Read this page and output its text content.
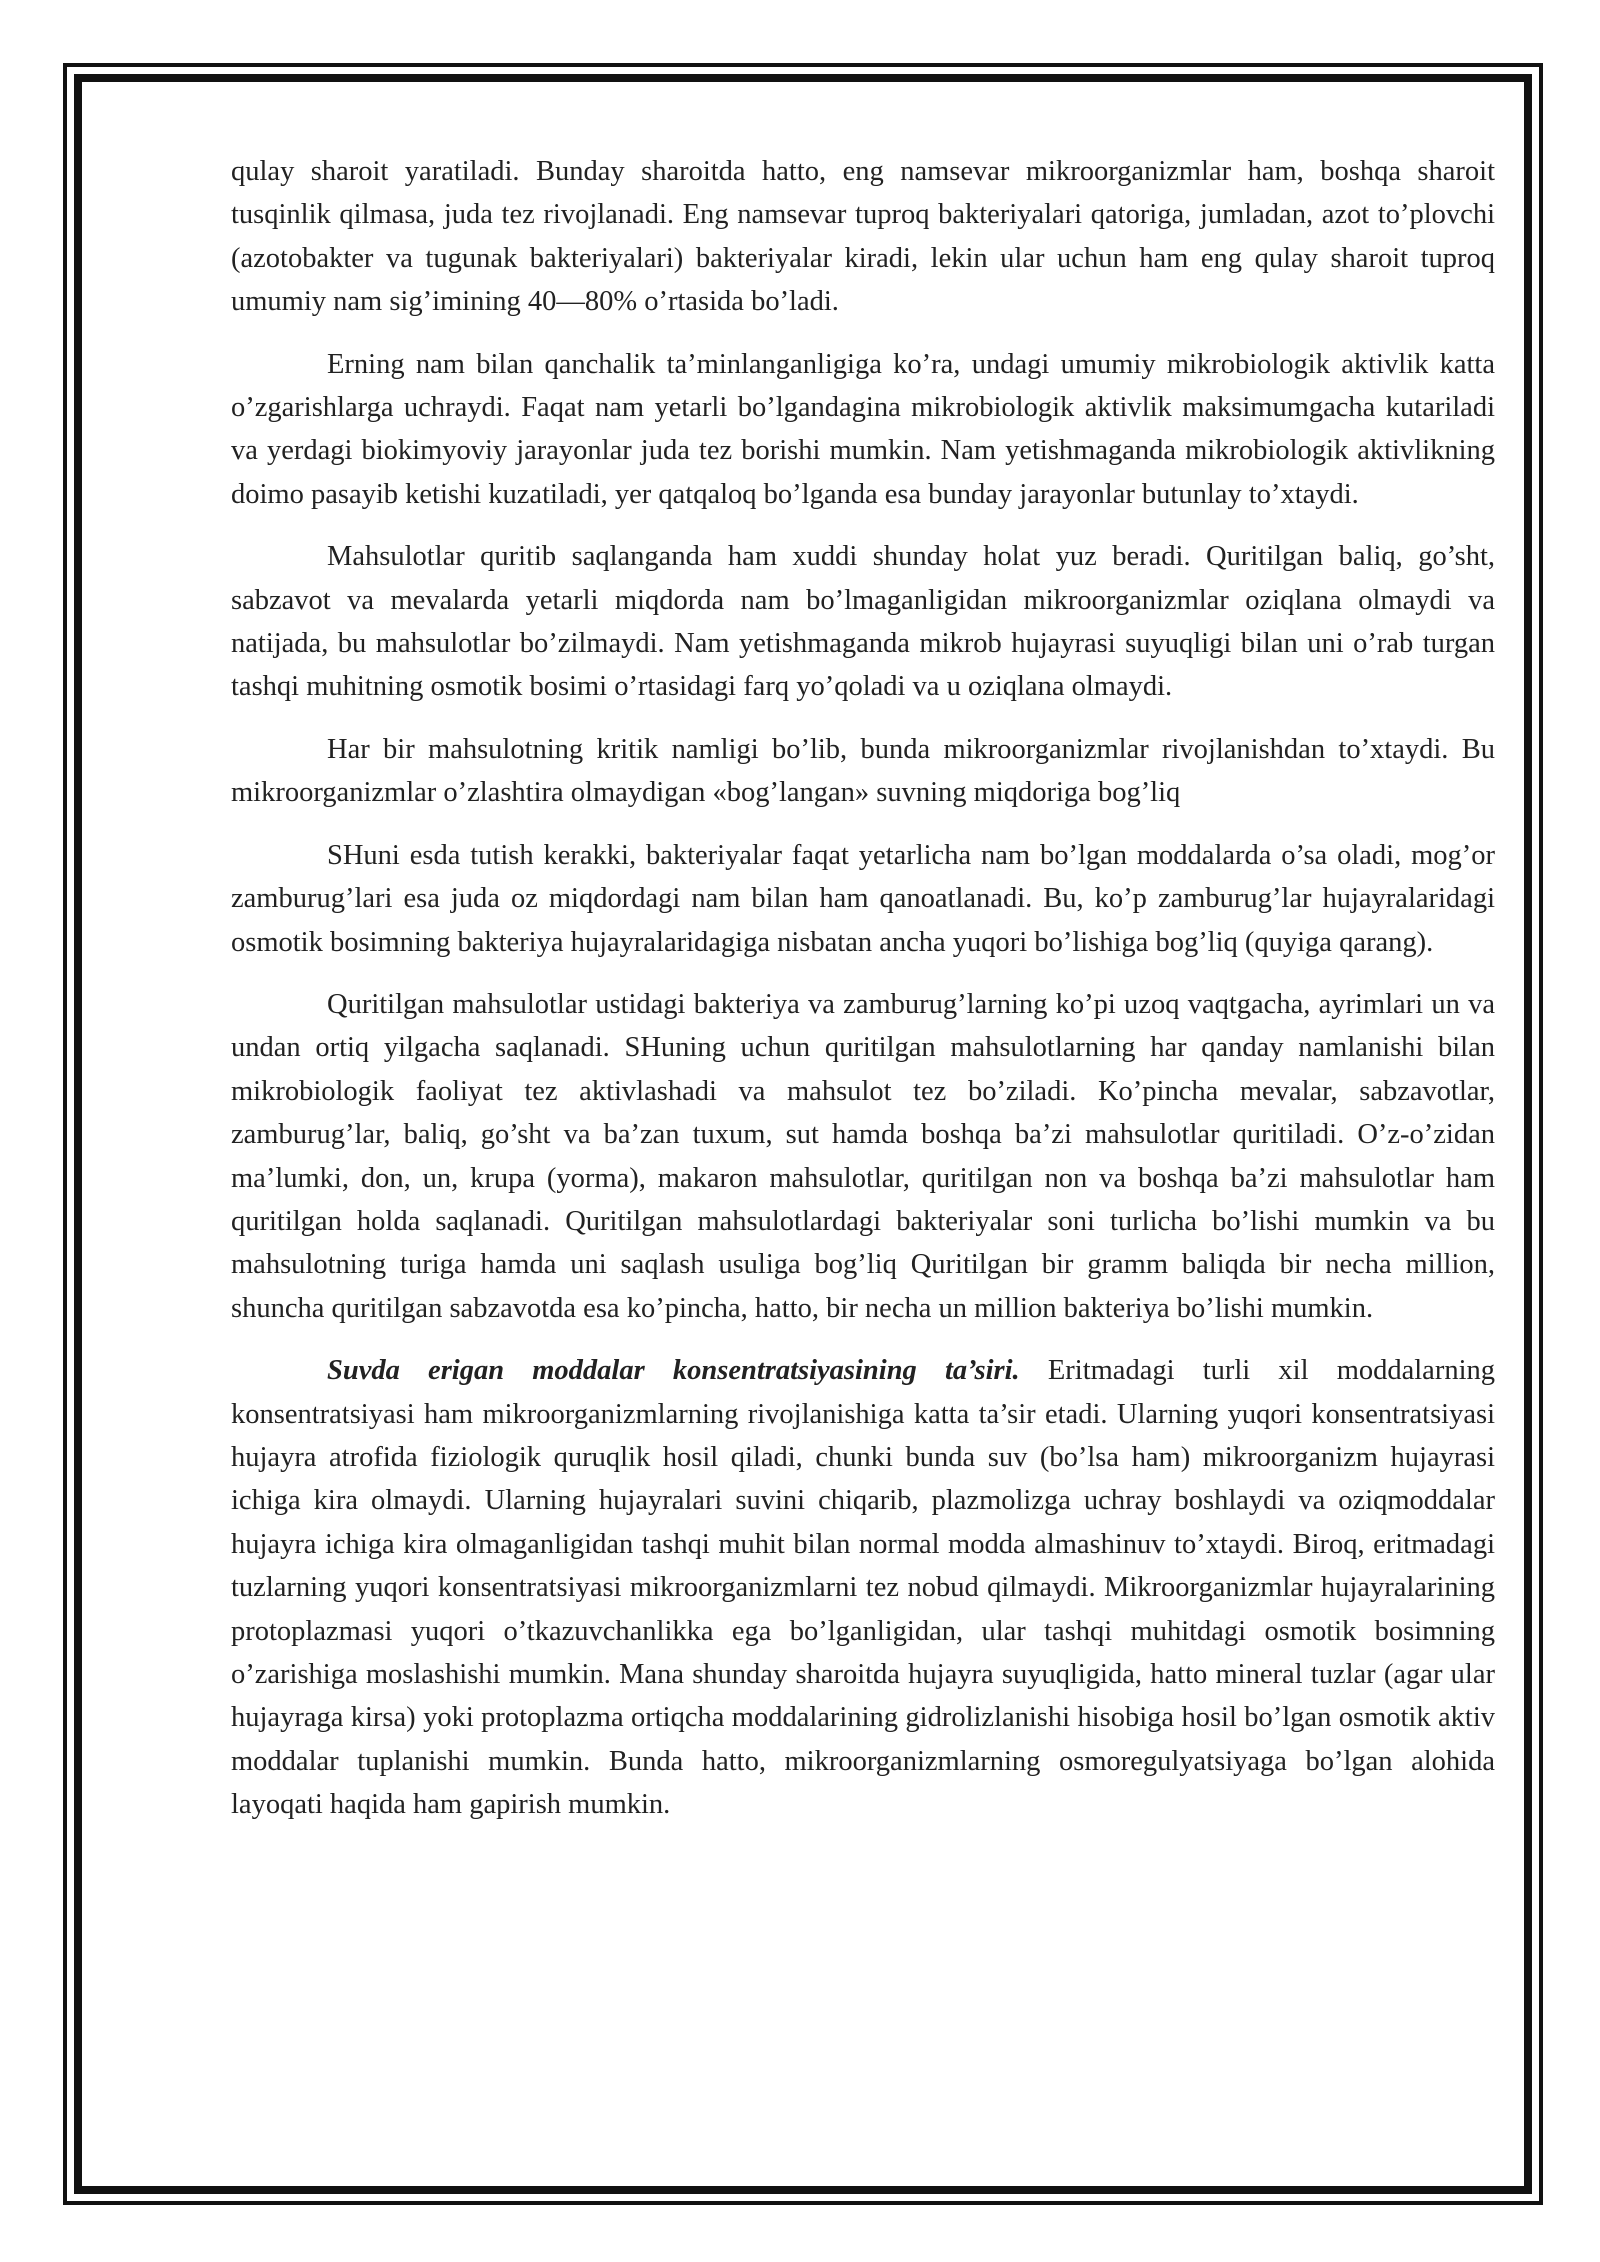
qulay sharoit yaratiladi. Bunday sharoitda hatto, eng namsevar mikroorganizmlar ham, boshqa sharoit tusqinlik qilmasa, juda tez rivojlanadi. Eng namsevar tuproq bakteriyalari qatoriga, jumladan, azot to’plovchi (azotobakter va tugunak bakteriyalari) bakteriyalar kiradi, lekin ular uchun ham eng qulay sharoit tuproq umumiy nam sig’imining 40—80% o’rtasida bo’ladi.

Erning nam bilan qanchalik ta’minlanganligiga ko’ra, undagi umumiy mikrobiologik aktivlik katta o’zgarishlarga uchraydi. Faqat nam yetarli bo’lgandagina mikrobiologik aktivlik maksimumgacha kutariladi va yerdagi biokimyoviy jarayonlar juda tez borishi mumkin. Nam yetishmaganda mikrobiologik aktivlikning doimo pasayib ketishi kuzatiladi, yer qatqaloq bo’lganda esa bunday jarayonlar butunlay to’xtaydi.

Mahsulotlar quritib saqlanganda ham xuddi shunday holat yuz beradi. Quritilgan baliq, go’sht, sabzavot va mevalarda yetarli miqdorda nam bo’lmaganligidan mikroorganizmlar oziqlana olmaydi va natijada, bu mahsulotlar bo’zilmaydi. Nam yetishmaganda mikrob hujayrasi suyuqligi bilan uni o’rab turgan tashqi muhitning osmotik bosimi o’rtasidagi farq yo’qoladi va u oziqlana olmaydi.

Har bir mahsulotning kritik namligi bo’lib, bunda mikroorganizmlar rivojlanishdan to’xtaydi. Bu mikroorganizmlar o’zlashtira olmaydigan «bog’langan» suvning miqdoriga bog’liq

SHuni esda tutish kerakki, bakteriyalar faqat yetarlicha nam bo’lgan moddalarda o’sa oladi, mog’or zamburug’lari esa juda oz miqdordagi nam bilan ham qanoatlanadi. Bu, ko’p zamburug’lar hujayralaridagi osmotik bosimning bakteriya hujayralaridagiga nisbatan ancha yuqori bo’lishiga bog’liq (quyiga qarang).

Quritilgan mahsulotlar ustidagi bakteriya va zamburug’larning ko’pi uzoq vaqtgacha, ayrimlari un va undan ortiq yilgacha saqlanadi. SHuning uchun quritilgan mahsulotlarning har qanday namlanishi bilan mikrobiologik faoliyat tez aktivlashadi va mahsulot tez bo’ziladi. Ko’pincha mevalar, sabzavotlar, zamburug’lar, baliq, go’sht va ba’zan tuxum, sut hamda boshqa ba’zi mahsulotlar quritiladi. O’z-o’zidan ma’lumki, don, un, krupa (yorma), makaron mahsulotlar, quritilgan non va boshqa ba’zi mahsulotlar ham quritilgan holda saqlanadi. Quritilgan mahsulotlardagi bakteriyalar soni turlicha bo’lishi mumkin va bu mahsulotning turiga hamda uni saqlash usuliga bog’liq Quritilgan bir gramm baliqda bir necha million, shuncha quritilgan sabzavotda esa ko’pincha, hatto, bir necha un million bakteriya bo’lishi mumkin.

Suvda erigan moddalar konsentratsiyasining ta’siri. Eritmadagi turli xil moddalarning konsentratsiyasi ham mikroorganizmlarning rivojlanishiga katta ta’sir etadi. Ularning yuqori konsentratsiyasi hujayra atrofida fiziologik quruqlik hosil qiladi, chunki bunda suv (bo’lsa ham) mikroorganizm hujayrasi ichiga kira olmaydi. Ularning hujayralari suvini chiqarib, plazmolizga uchray boshlaydi va oziqmoddalar hujayra ichiga kira olmaganligidan tashqi muhit bilan normal modda almashinuv to’xtaydi. Biroq, eritmadagi tuzlarning yuqori konsentratsiyasi mikroorganizmlarni tez nobud qilmaydi. Mikroorganizmlar hujayralarining protoplazmasi yuqori o’tkazuvchanlikka ega bo’lganligidan, ular tashqi muhitdagi osmotik bosimning o’zarishiga moslashishi mumkin. Mana shunday sharoitda hujayra suyuqligida, hatto mineral tuzlar (agar ular hujayraga kirsa) yoki protoplazma ortiqcha moddalarining gidrolizlanishi hisobiga hosil bo’lgan osmotik aktiv moddalar tuplanishi mumkin. Bunda hatto, mikroorganizmlarning osmoregulyatsiyaga bo’lgan alohida layoqati haqida ham gapirish mumkin.
